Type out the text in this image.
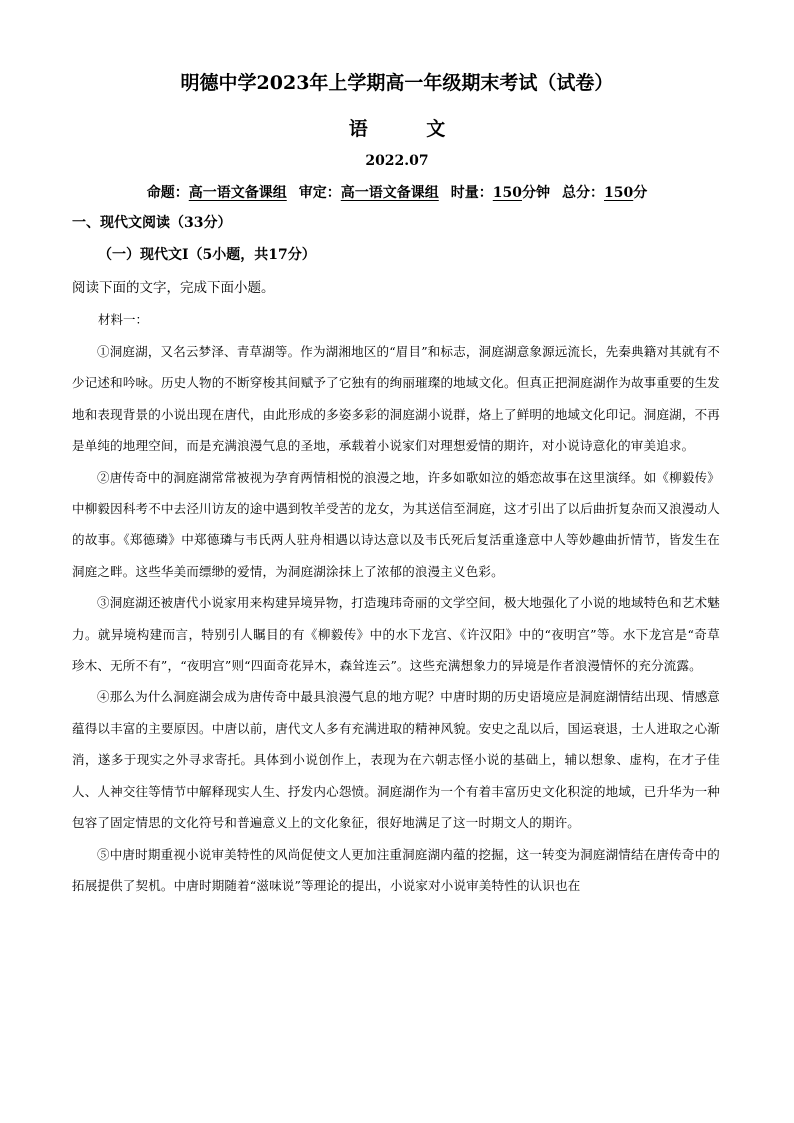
明德中学2023年上学期高一年级期末考试（试卷）
语 文
2022.07
命题：高一语文备课组 审定：高一语文备课组 时量：150分钟 总分：150分
一、现代文阅读（33分）
（一）现代文Ⅰ（5小题，共17分）
阅读下面的文字，完成下面小题。
材料一：

①洞庭湖，又名云梦泽、青草湖等。作为湖湘地区的“眉目”和标志，洞庭湖意象源远流长，先秦典籍对其就有不少记述和吟咏。历史人物的不断穿梭其间赋予了它独有的绚丽璀璨的地域文化。但真正把洞庭湖作为故事重要的生发地和表现背景的小说出现在唐代，由此形成的多姿多彩的洞庭湖小说群，烙上了鲜明的地域文化印记。洞庭湖，不再是单纯的地理空间，而是充满浪漫气息的圣地，承载着小说家们对理想爱情的期许，对小说诗意化的审美追求。

②唐传奇中的洞庭湖常常被视为孕育两情相悦的浪漫之地，许多如歌如泣的婚恋故事在这里演绎。如《柳毅传》中柳毅因科考不中去泾川访友的途中遇到牧羊受苦的龙女，为其送信至洞庭，这才引出了以后曲折复杂而又浪漫动人的故事。《郑德璘》中郑德璘与韦氏两人驻舟相遇以诗达意以及韦氏死后复活重逢意中人等妙趣曲折情节，皆发生在洞庭之畔。这些华美而缥缈的爱情，为洞庭湖涂抹上了浓郁的浪漫主义色彩。

③洞庭湖还被唐代小说家用来构建异境异物，打造瑰玮奇丽的文学空间，极大地强化了小说的地域特色和艺术魅力。就异境构建而言，特别引人瞩目的有《柳毅传》中的水下龙宫、《许汉阳》中的“夜明宫”等。水下龙宫是“奇草珍木、无所不有”，“夜明宫”则“四面奇花异木，森耸连云”。这些充满想象力的异境是作者浪漫情怀的充分流露。

④那么为什么洞庭湖会成为唐传奇中最具浪漫气息的地方呢？中唐时期的历史语境应是洞庭湖情结出现、情感意蕴得以丰富的主要原因。中唐以前，唐代文人多有充满进取的精神风貌。安史之乱以后，国运衰退，士人进取之心渐消，遂多于现实之外寻求寄托。具体到小说创作上，表现为在六朝志怪小说的基础上，辅以想象、虚构，在才子佳人、人神交往等情节中解释现实人生、抒发内心怨愤。洞庭湖作为一个有着丰富历史文化积淀的地域，已升华为一种包容了固定情思的文化符号和普遍意义上的文化象征，很好地满足了这一时期文人的期许。

⑤中唐时期重视小说审美特性的风尚促使文人更加注重洞庭湖内蕴的挖掘，这一转变为洞庭湖情结在唐传奇中的拓展提供了契机。中唐时期随着“滋味说”等理论的提出，小说家对小说审美特性的认识也在
